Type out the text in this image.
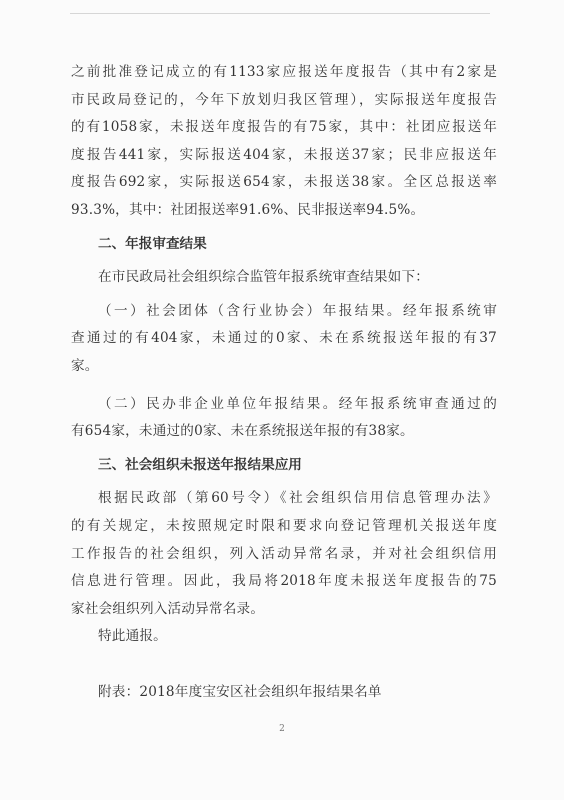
之前批准登记成立的有1133家应报送年度报告（其中有2家是

市民政局登记的，今年下放划归我区管理），实际报送年度报告

的有1058家，未报送年度报告的有75家，其中：社团应报送年

度报告441家，实际报送404家，未报送37家；民非应报送年

度报告692家，实际报送654家，未报送38家。全区总报送率

93.3%，其中：社团报送率91.6%、民非报送率94.5%。

二、年报审查结果

在市民政局社会组织综合监管年报系统审查结果如下：

（一）社会团体（含行业协会）年报结果。经年报系统审

查通过的有404家，未通过的0家、未在系统报送年报的有37

家。

（二）民办非企业单位年报结果。经年报系统审查通过的

有654家，未通过的0家、未在系统报送年报的有38家。

三、社会组织未报送年报结果应用

根据民政部（第60号令）《社会组织信用信息管理办法》

的有关规定，未按照规定时限和要求向登记管理机关报送年度

工作报告的社会组织，列入活动异常名录，并对社会组织信用

信息进行管理。因此，我局将2018年度未报送年度报告的75

家社会组织列入活动异常名录。

特此通报。

附表：2018年度宝安区社会组织年报结果名单

2
